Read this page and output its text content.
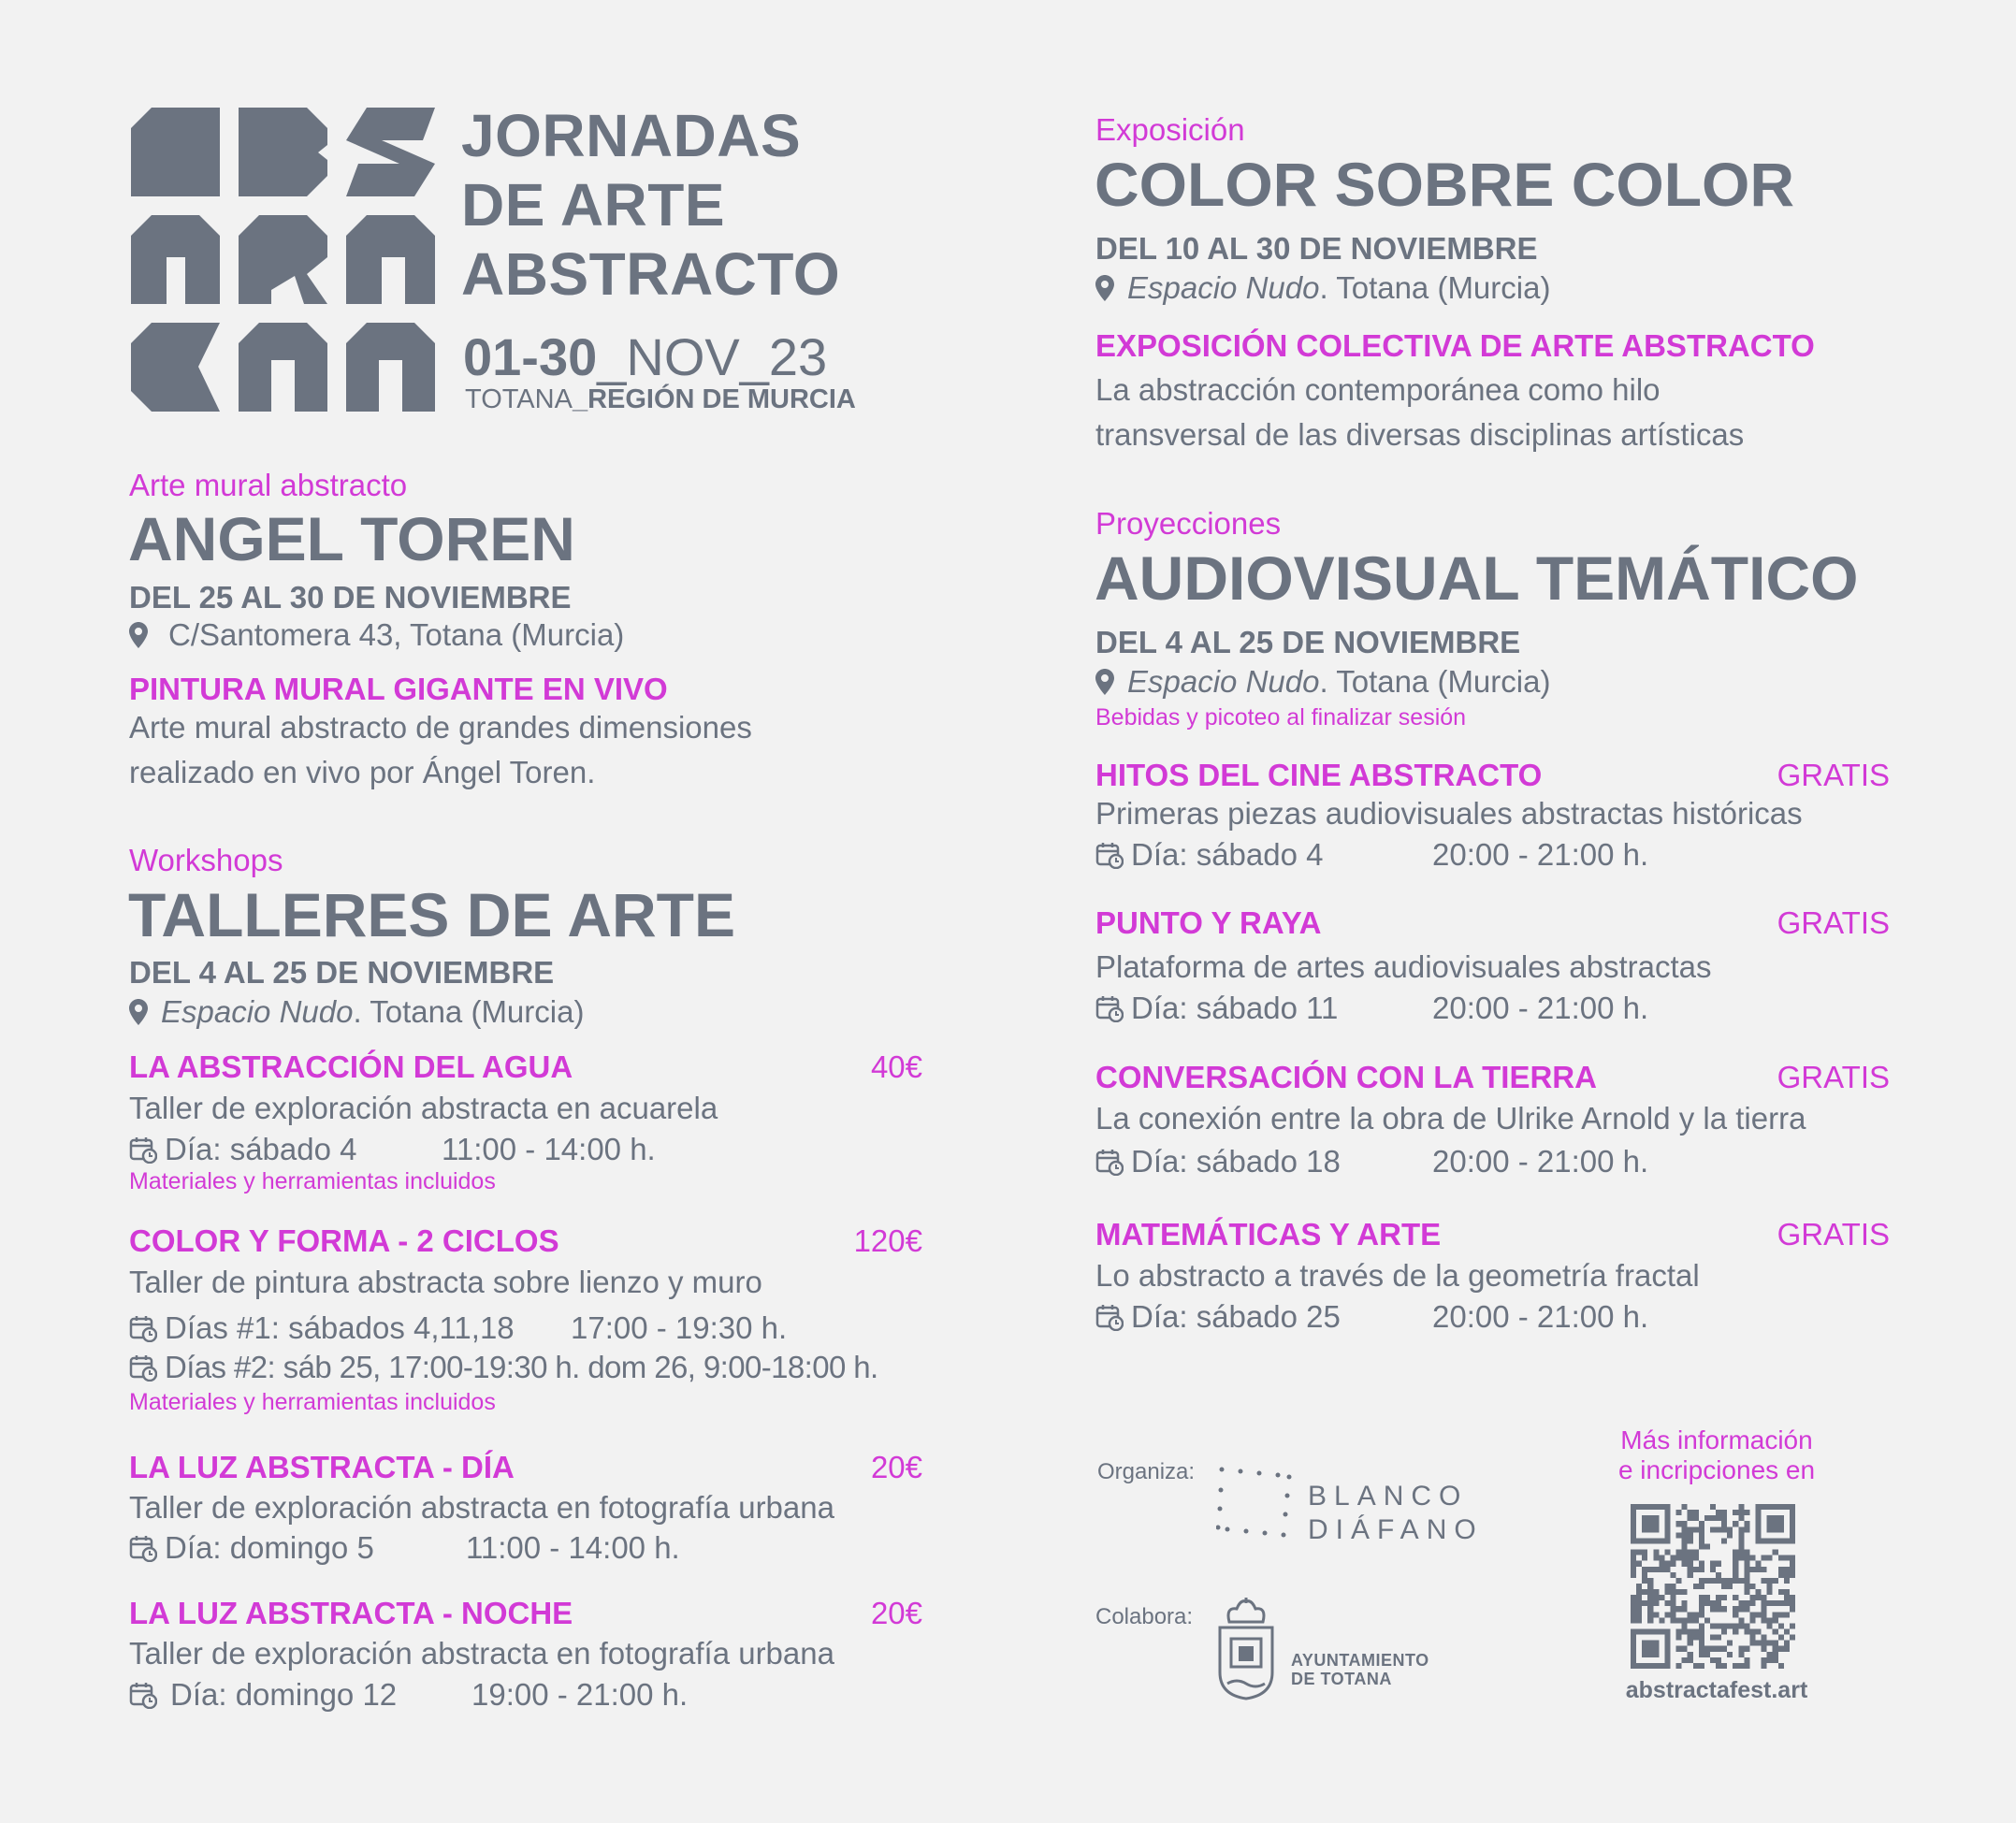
JORNADAS
DE ARTE
ABSTRACTO
01-30_NOV_23
TOTANA_REGIÓN DE MURCIA
Arte mural abstracto
ANGEL TOREN
DEL 25 AL 30 DE NOVIEMBRE
C/Santomera 43, Totana (Murcia)
PINTURA MURAL GIGANTE EN VIVO
Arte mural abstracto de grandes dimensiones
realizado en vivo por Ángel Toren.
Workshops
TALLERES DE ARTE
DEL 4 AL 25 DE NOVIEMBRE
Espacio Nudo . Totana (Murcia)
LA ABSTRACCIÓN DEL AGUA	40€
Taller de exploración abstracta en acuarela
Día: sábado 4	11:00 - 14:00 h.
Materiales y herramientas incluidos
COLOR Y FORMA - 2 CICLOS	120€
Taller de pintura abstracta sobre lienzo y muro
Días #1: sábados 4,11,18	17:00 - 19:30 h.
Días #2: sáb 25, 17:00-19:30 h. dom 26, 9:00-18:00 h.
Materiales y herramientas incluidos
LA LUZ ABSTRACTA - DÍA	20€
Taller de exploración abstracta en fotografía urbana
Día: domingo 5	11:00 - 14:00 h.
LA LUZ ABSTRACTA - NOCHE	20€
Taller de exploración abstracta en fotografía urbana
Día: domingo 12	19:00 - 21:00 h.
Exposición
COLOR SOBRE COLOR
DEL 10 AL 30 DE NOVIEMBRE
Espacio Nudo . Totana (Murcia)
EXPOSICIÓN COLECTIVA DE ARTE ABSTRACTO
La abstracción contemporánea como hilo
transversal de las diversas disciplinas artísticas
Proyecciones
AUDIOVISUAL TEMÁTICO
DEL 4 AL 25 DE NOVIEMBRE
Espacio Nudo . Totana (Murcia)
Bebidas y picoteo al finalizar sesión
HITOS DEL CINE ABSTRACTO	GRATIS
Primeras piezas audiovisuales abstractas históricas
Día: sábado 4	20:00 - 21:00 h.
PUNTO Y RAYA	GRATIS
Plataforma de artes audiovisuales abstractas
Día: sábado 11	20:00 - 21:00 h.
CONVERSACIÓN CON LA TIERRA	GRATIS
La conexión entre la obra de Ulrike Arnold y la tierra
Día: sábado 18	20:00 - 21:00 h.
MATEMÁTICAS Y ARTE	GRATIS
Lo abstracto a través de la geometría fractal
Día: sábado 25	20:00 - 21:00 h.
Organiza:
BLANCO
DIÁFANO
Colabora:
AYUNTAMIENTO
DE TOTANA
Más información
e incripciones en
abstractafest.art
